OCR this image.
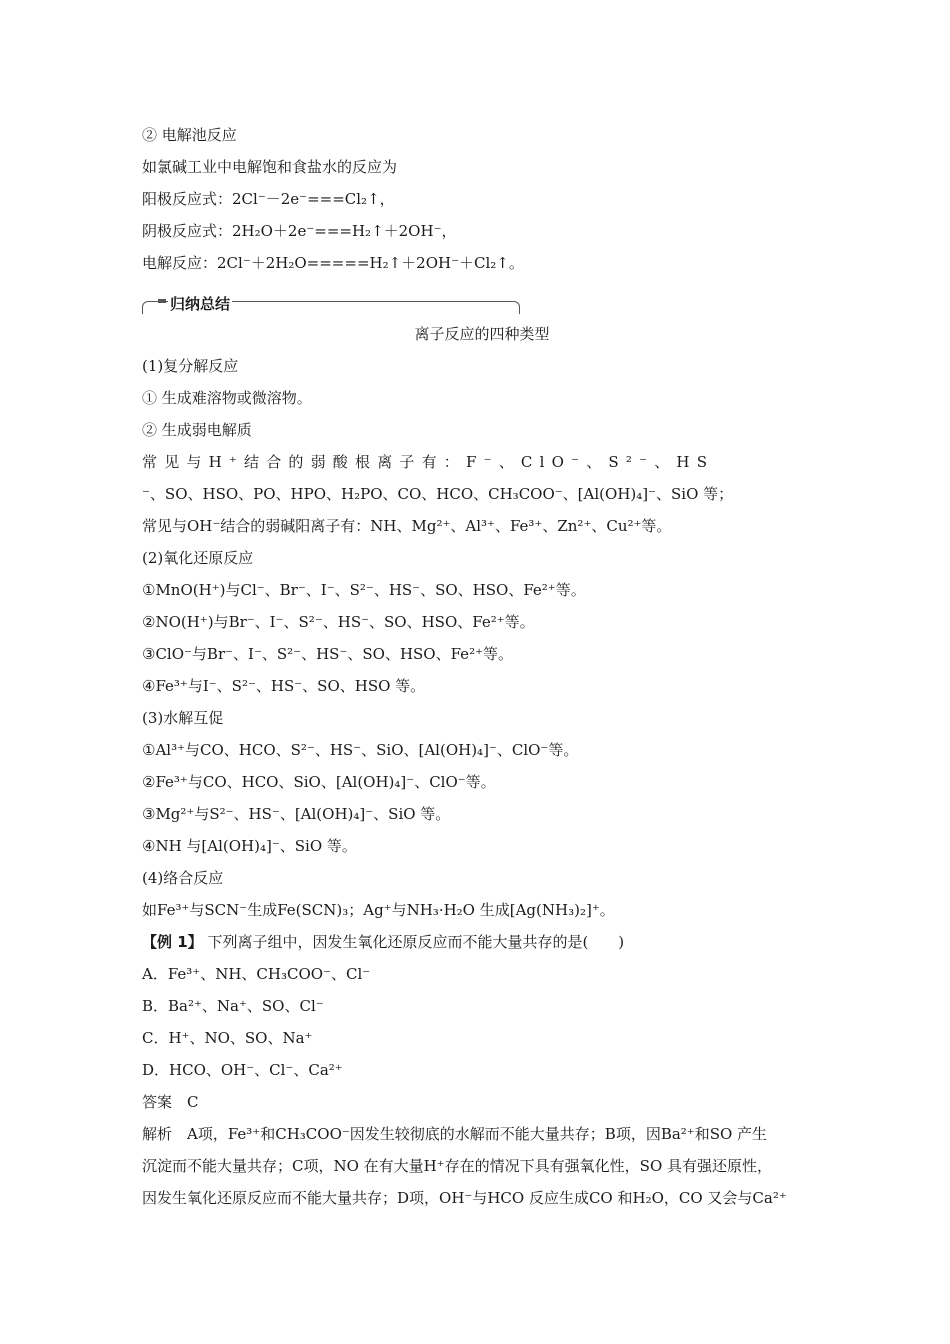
② 电解池反应
如氯碱工业中电解饱和食盐水的反应为
阳极反应式：2Cl⁻－2e⁻===Cl₂↑，
阴极反应式：2H₂O＋2e⁻===H₂↑＋2OH⁻，
电解反应：2Cl⁻＋2H₂O=====H₂↑＋2OH⁻＋Cl₂↑。
归纳总结
离子反应的四种类型
(1)复分解反应
① 生成难溶物或微溶物。
② 生成弱电解质
常见与H⁺结合的弱酸根离子有：F⁻、ClO⁻、S²⁻、HS
⁻、SO、HSO、PO、HPO、H₂PO、CO、HCO、CH₃COO⁻、[Al(OH)₄]⁻、SiO 等；
常见与OH⁻结合的弱碱阳离子有：NH、Mg²⁺、Al³⁺、Fe³⁺、Zn²⁺、Cu²⁺等。
(2)氧化还原反应
①MnO(H⁺)与Cl⁻、Br⁻、I⁻、S²⁻、HS⁻、SO、HSO、Fe²⁺等。
②NO(H⁺)与Br⁻、I⁻、S²⁻、HS⁻、SO、HSO、Fe²⁺等。
③ClO⁻与Br⁻、I⁻、S²⁻、HS⁻、SO、HSO、Fe²⁺等。
④Fe³⁺与I⁻、S²⁻、HS⁻、SO、HSO 等。
(3)水解互促
①Al³⁺与CO、HCO、S²⁻、HS⁻、SiO、[Al(OH)₄]⁻、ClO⁻等。
②Fe³⁺与CO、HCO、SiO、[Al(OH)₄]⁻、ClO⁻等。
③Mg²⁺与S²⁻、HS⁻、[Al(OH)₄]⁻、SiO 等。
④NH 与[Al(OH)₄]⁻、SiO 等。
(4)络合反应
如Fe³⁺与SCN⁻生成Fe(SCN)₃；Ag⁺与NH₃·H₂O 生成[Ag(NH₃)₂]⁺。
【例 1】 下列离子组中，因发生氧化还原反应而不能大量共存的是(　　)
A．Fe³⁺、NH、CH₃COO⁻、Cl⁻
B．Ba²⁺、Na⁺、SO、Cl⁻
C．H⁺、NO、SO、Na⁺
D．HCO、OH⁻、Cl⁻、Ca²⁺
答案　C
解析　A项，Fe³⁺和CH₃COO⁻因发生较彻底的水解而不能大量共存；B项，因Ba²⁺和SO 产生
沉淀而不能大量共存；C项，NO 在有大量H⁺存在的情况下具有强氧化性，SO 具有强还原性，
因发生氧化还原反应而不能大量共存；D项，OH⁻与HCO 反应生成CO 和H₂O，CO 又会与Ca²⁺
